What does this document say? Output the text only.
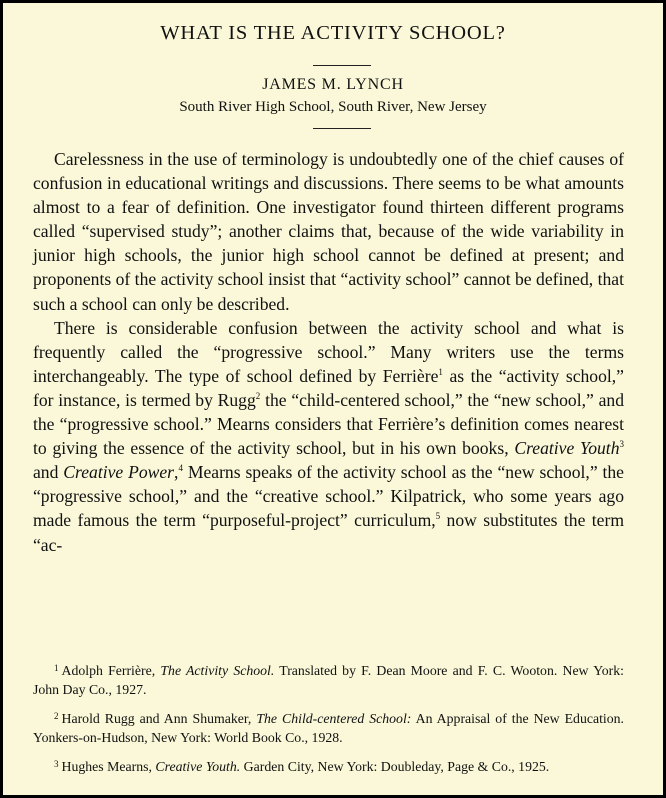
WHAT IS THE ACTIVITY SCHOOL?
JAMES M. LYNCH
South River High School, South River, New Jersey

Carelessness in the use of terminology is undoubtedly one of the chief causes of confusion in educational writings and discussions. There seems to be what amounts almost to a fear of definition. One investigator found thirteen different programs called “supervised study”; another claims that, because of the wide variability in junior high schools, the junior high school cannot be defined at present; and proponents of the activity school insist that “activity school” cannot be defined, that such a school can only be described.

There is considerable confusion between the activity school and what is frequently called the “progressive school.” Many writers use the terms interchangeably. The type of school defined by Ferrière$^1$ as the “activity school,” for instance, is termed by Rugg$^2$ the “child-centered school,” the “new school,” and the “progressive school.” Mearns considers that Ferrière’s definition comes nearest to giving the essence of the activity school, but in his own books, Creative Youth$^3$ and Creative Power,$^4$ Mearns speaks of the activity school as the “new school,” the “progressive school,” and the “creative school.” Kilpatrick, who some years ago made famous the term “purposeful-project” curriculum,$^5$ now substitutes the term “ac-

$^1$ Adolph Ferrière, The Activity School. Translated by F. Dean Moore and F. C. Wooton. New York: John Day Co., 1927.

$^2$ Harold Rugg and Ann Shumaker, The Child-centered School: An Appraisal of the New Education. Yonkers-on-Hudson, New York: World Book Co., 1928.

$^3$ Hughes Mearns, Creative Youth. Garden City, New York: Doubleday, Page & Co., 1925.
